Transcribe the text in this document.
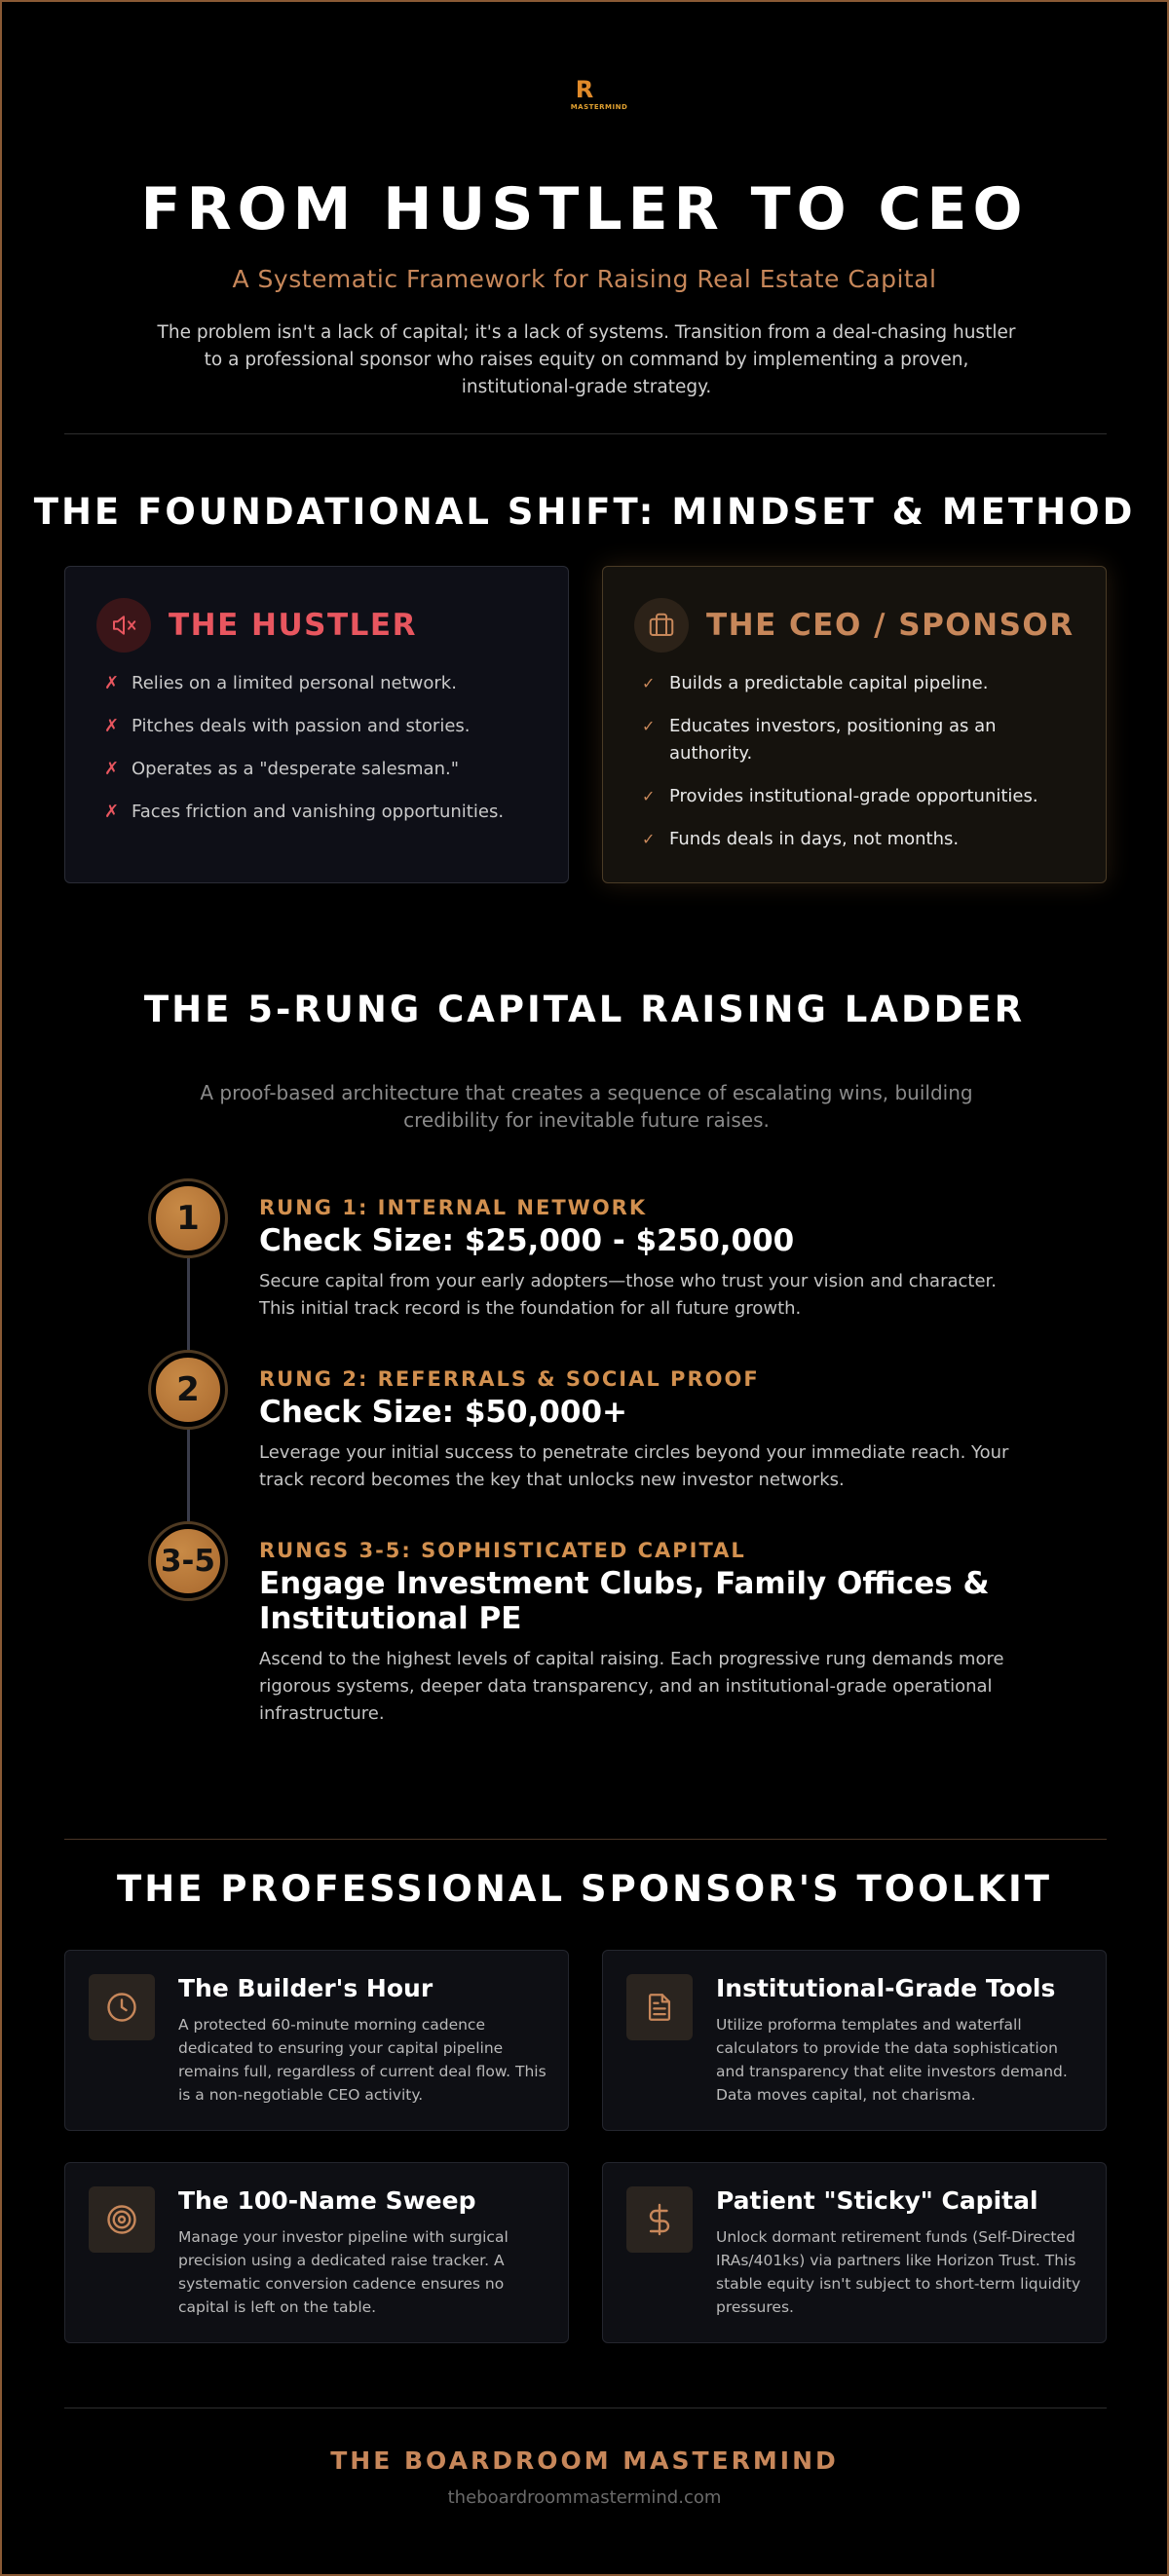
R
MASTERMIND
FROM HUSTLER TO CEO
A Systematic Framework for Raising Real Estate Capital

The problem isn't a lack of capital; it's a lack of systems. Transition from a deal-chasing hustler to a professional sponsor who raises equity on command by implementing a proven, institutional-grade strategy.

THE FOUNDATIONAL SHIFT: MINDSET & METHOD
THE HUSTLER
✗ Relies on a limited personal network.
✗ Pitches deals with passion and stories.
✗ Operates as a "desperate salesman."
✗ Faces friction and vanishing opportunities.
THE CEO / SPONSOR
✓ Builds a predictable capital pipeline.
✓ Educates investors, positioning as an authority.
✓ Provides institutional-grade opportunities.
✓ Funds deals in days, not months.
THE 5-RUNG CAPITAL RAISING LADDER

A proof-based architecture that creates a sequence of escalating wins, building credibility for inevitable future raises.

1	RUNG 1: INTERNAL NETWORK
Check Size: $25,000 - $250,000
Secure capital from your early adopters—those who trust your vision and character. This initial track record is the foundation for all future growth.
2	RUNG 2: REFERRALS & SOCIAL PROOF
Check Size: $50,000+
Leverage your initial success to penetrate circles beyond your immediate reach. Your track record becomes the key that unlocks new investor networks.
3-5	RUNGS 3-5: SOPHISTICATED CAPITAL
Engage Investment Clubs, Family Offices & Institutional PE
Ascend to the highest levels of capital raising. Each progressive rung demands more rigorous systems, deeper data transparency, and an institutional-grade operational infrastructure.
THE PROFESSIONAL SPONSOR'S TOOLKIT
The Builder's Hour
A protected 60-minute morning cadence dedicated to ensuring your capital pipeline remains full, regardless of current deal flow. This is a non-negotiable CEO activity.
Institutional-Grade Tools
Utilize proforma templates and waterfall calculators to provide the data sophistication and transparency that elite investors demand. Data moves capital, not charisma.
The 100-Name Sweep
Manage your investor pipeline with surgical precision using a dedicated raise tracker. A systematic conversion cadence ensures no capital is left on the table.
Patient "Sticky" Capital
Unlock dormant retirement funds (Self-Directed IRAs/401ks) via partners like Horizon Trust. This stable equity isn't subject to short-term liquidity pressures.
THE BOARDROOM MASTERMIND
theboardroommastermind.com
